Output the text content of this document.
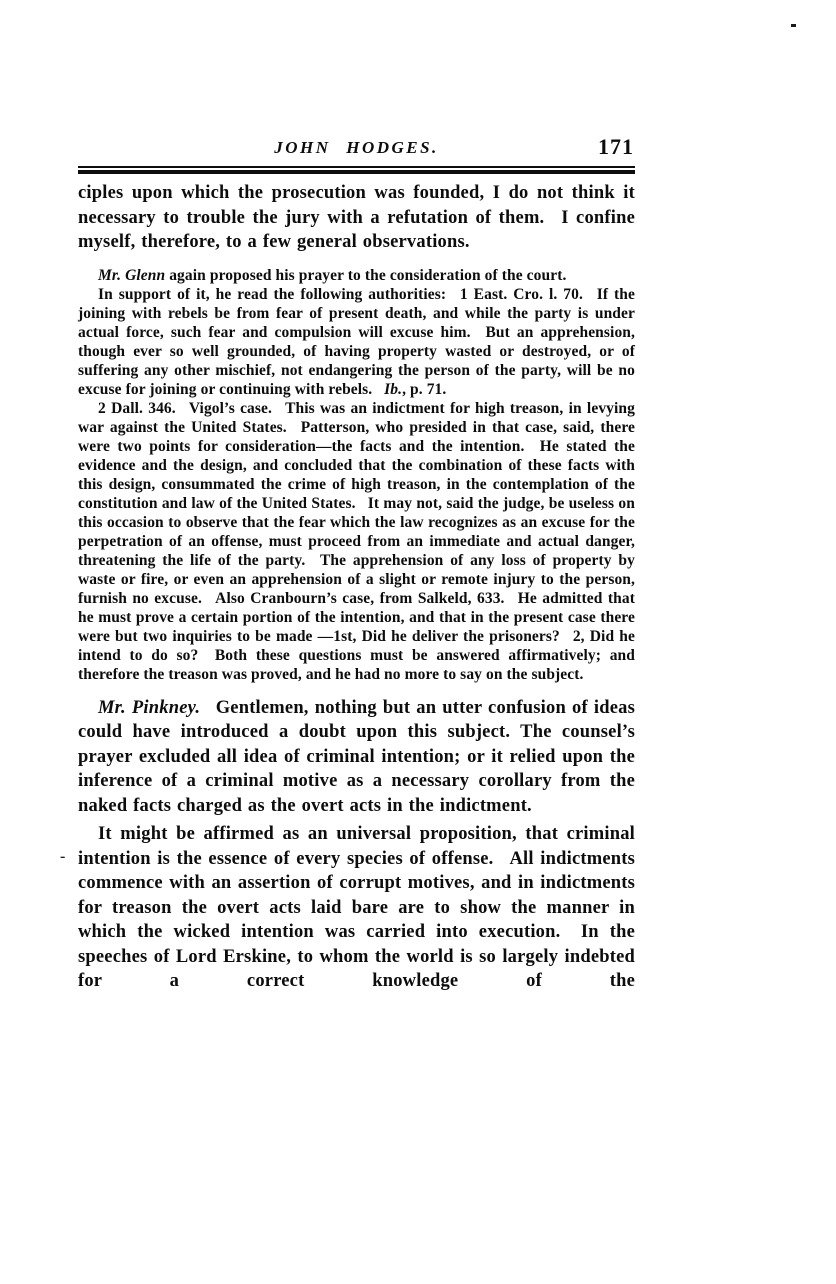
-
JOHN HODGES.	171

ciples upon which the prosecution was founded, I do not think it necessary to trouble the jury with a refutation of them.  I confine myself, therefore, to a few general observations.

Mr. Glenn again proposed his prayer to the consideration of the court.

In support of it, he read the following authorities:  1 East. Cro. l. 70.  If the joining with rebels be from fear of present death, and while the party is under actual force, such fear and compulsion will excuse him.  But an apprehension, though ever so well grounded, of having property wasted or destroyed, or of suffering any other mischief, not endangering the person of the party, will be no excuse for joining or continuing with rebels.  Ib., p. 71.

2 Dall. 346.  Vigol’s case.  This was an indictment for high treason, in levying war against the United States.  Patterson, who presided in that case, said, there were two points for consideration—the facts and the intention.  He stated the evidence and the design, and concluded that the combination of these facts with this design, consummated the crime of high treason, in the contemplation of the constitution and law of the United States.  It may not, said the judge, be useless on this occasion to observe that the fear which the law recognizes as an excuse for the perpetration of an offense, must proceed from an immediate and actual danger, threatening the life of the party.  The apprehension of any loss of property by waste or fire, or even an apprehension of a slight or remote injury to the person, furnish no excuse.  Also Cranbourn’s case, from Salkeld, 633.  He admitted that he must prove a certain portion of the intention, and that in the present case there were but two inquiries to be made —1st, Did he deliver the prisoners?  2, Did he intend to do so?  Both these questions must be answered affirmatively; and therefore the treason was proved, and he had no more to say on the subject.

Mr. Pinkney.  Gentlemen, nothing but an utter confusion of ideas could have introduced a doubt upon this subject. The counsel’s prayer excluded all idea of criminal intention; or it relied upon the inference of a criminal motive as a necessary corollary from the naked facts charged as the overt acts in the indictment.

It might be affirmed as an universal proposition, that criminal intention is the essence of every species of offense.  All indictments commence with an assertion of corrupt motives, and in indictments for treason the overt acts laid bare are to show the manner in which the wicked intention was carried into execution.  In the speeches of Lord Erskine, to whom the world is so largely indebted for a correct knowledge of the
